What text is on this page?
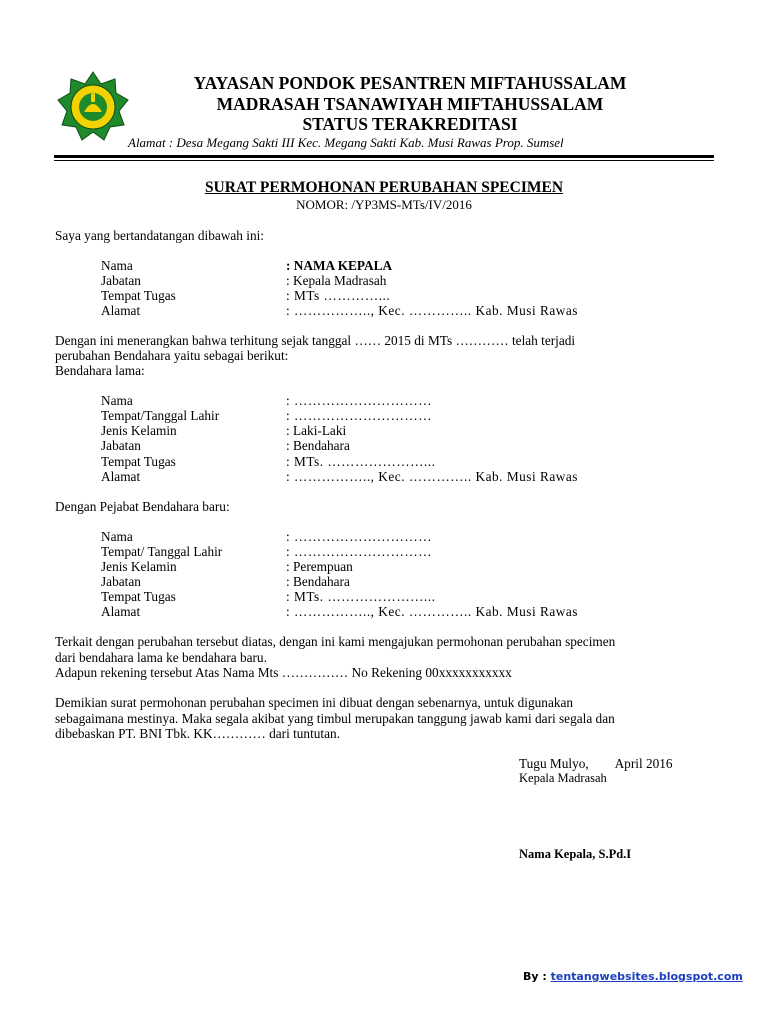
YAYASAN PONDOK PESANTREN MIFTAHUSSALAM
MADRASAH TSANAWIYAH MIFTAHUSSALAM
STATUS TERAKREDITASI
Alamat : Desa Megang Sakti III Kec. Megang Sakti Kab. Musi Rawas Prop. Sumsel
SURAT PERMOHONAN PERUBAHAN SPECIMEN
NOMOR: /YP3MS-MTs/IV/2016
Saya yang bertandatangan dibawah ini:
Nama	: NAMA KEPALA
Jabatan	: Kepala Madrasah
Tempat Tugas	: MTs …………...
Alamat	: …………….., Kec. ………….. Kab. Musi Rawas
Dengan ini menerangkan bahwa terhitung sejak tanggal …… 2015 di MTs ………… telah terjadi
perubahan Bendahara yaitu sebagai berikut:
Bendahara lama:
Nama	: …………………………
Tempat/Tanggal Lahir	: …………………………
Jenis Kelamin	: Laki-Laki
Jabatan	: Bendahara
Tempat Tugas	: MTs. …………………...
Alamat	: …………….., Kec. ………….. Kab. Musi Rawas
Dengan Pejabat Bendahara baru:
Nama	: …………………………
Tempat/ Tanggal Lahir	: …………………………
Jenis Kelamin	: Perempuan
Jabatan	: Bendahara
Tempat Tugas	: MTs. …………………...
Alamat	: …………….., Kec. ………….. Kab. Musi Rawas
Terkait dengan perubahan tersebut diatas, dengan ini kami mengajukan permohonan perubahan specimen
dari bendahara lama ke bendahara baru.
Adapun rekening tersebut Atas Nama Mts …………… No Rekening 00xxxxxxxxxxx
Demikian surat permohonan perubahan specimen ini dibuat dengan sebenarnya, untuk digunakan
sebagaimana mestinya. Maka segala akibat yang timbul merupakan tanggung jawab kami dari segala dan
dibebaskan PT. BNI Tbk. KK………… dari tuntutan.
Tugu Mulyo,        April 2016
Kepala Madrasah
Nama Kepala, S.Pd.I
By : tentangwebsites.blogspot.com
